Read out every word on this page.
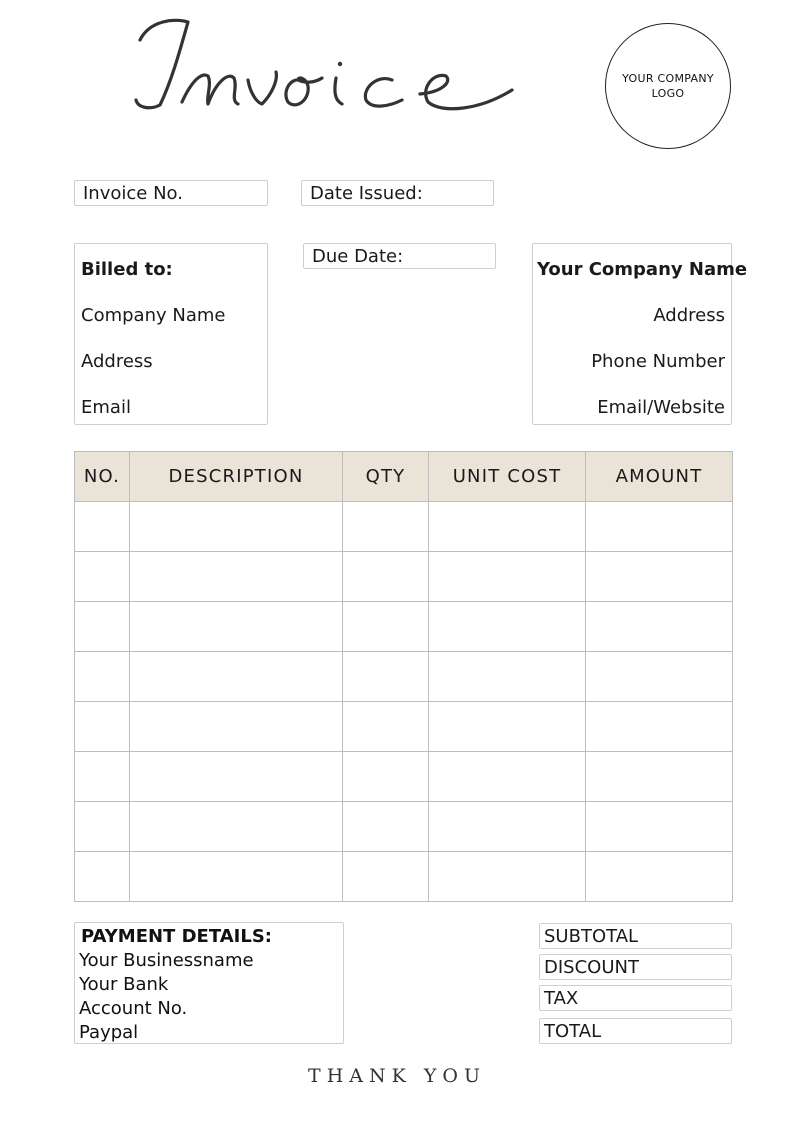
YOUR COMPANY LOGO
Invoice No.	Date Issued:
Due Date:
Billed to:
Company Name
Address
Email
Your Company Name
Address
Phone Number
Email/Website
NO.	DESCRIPTION	QTY	UNIT COST	AMOUNT

PAYMENT DETAILS:
Your Businessname
Your Bank
Account No.
Paypal
SUBTOTAL
DISCOUNT
TAX
TOTAL
THANK YOU
